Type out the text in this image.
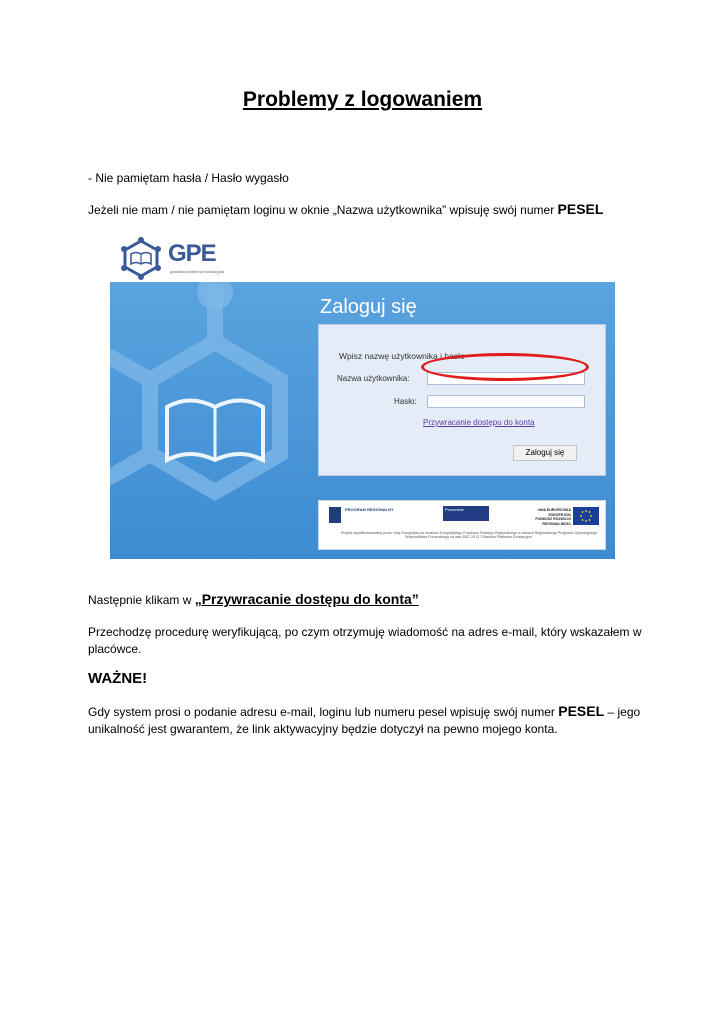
Problemy z logowaniem

- Nie pamiętam hasła / Hasło wygasło

Jeżeli nie mam / nie pamiętam loginu w oknie „Nazwa użytkownika” wpisuję swój numer PESEL

GPE
gdańska platforma edukacyjna
Zaloguj się
Wpisz nazwę użytkownika i hasło
Nazwa użytkownika:
Hasło:
Przywracanie dostępu do konta
Zaloguj się
PROGRAM REGIONALNY	Pomorskie	UNIA EUROPEJSKA EUROPEJSKI FUNDUSZ ROZWOJU REGIONALNEGO
Projekt współfinansowany przez Unię Europejską ze środków Europejskiego Funduszu Rozwoju Regionalnego w ramach Regionalnego Programu Operacyjnego Województwa Pomorskiego na lata 2007-2013 "Gdańska Platforma Edukacyjna"

Następnie klikam w „Przywracanie dostępu do konta”

Przechodzę procedurę weryfikującą, po czym otrzymuję wiadomość na adres e-mail, który wskazałem w placówce.

WAŻNE!

Gdy system prosi o podanie adresu e-mail, loginu lub numeru pesel wpisuję swój numer PESEL – jego unikalność jest gwarantem, że link aktywacyjny będzie dotyczył na pewno mojego konta.
